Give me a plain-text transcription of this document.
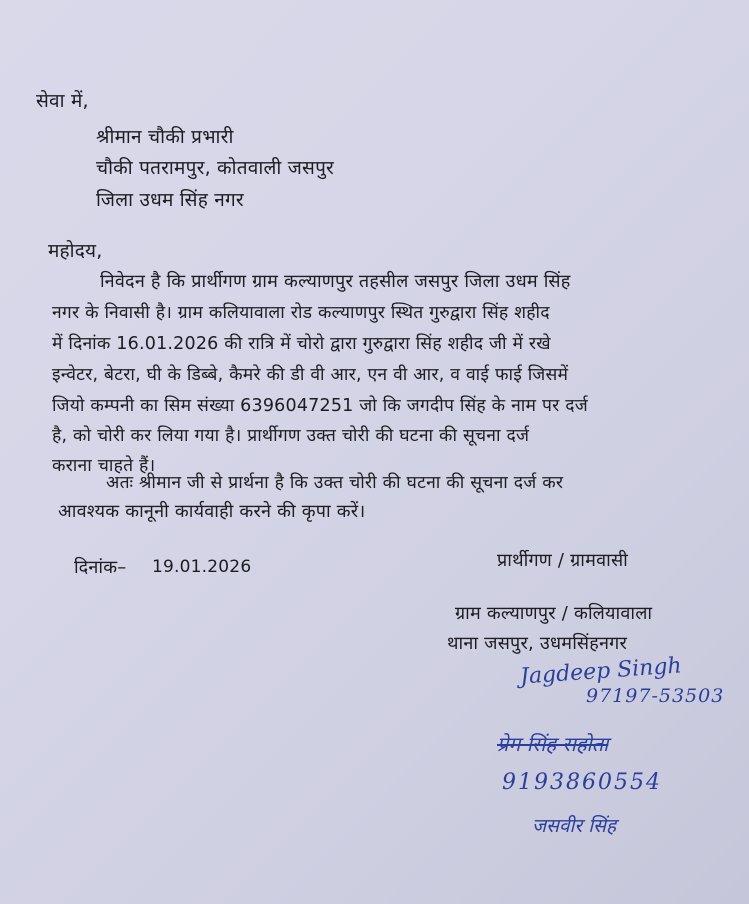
सेवा में,
श्रीमान चौकी प्रभारी
चौकी पतरामपुर, कोतवाली जसपुर
जिला उधम सिंह नगर
महोदय,
निवेदन है कि प्रार्थीगण ग्राम कल्याणपुर तहसील जसपुर जिला उधम सिंह
नगर के निवासी है। ग्राम कलियावाला रोड कल्याणपुर स्थित गुरुद्वारा सिंह शहीद
में दिनांक 16.01.2026 की रात्रि में चोरो द्वारा गुरुद्वारा सिंह शहीद जी में रखे
इन्वेटर, बेटरा, घी के डिब्बे, कैमरे की डी वी आर, एन वी आर, व वाई फाई जिसमें
जियो कम्पनी का सिम संख्या 6396047251 जो कि जगदीप सिंह के नाम पर दर्ज
है, को चोरी कर लिया गया है। प्रार्थीगण उक्त चोरी की घटना की सूचना दर्ज
कराना चाहते हैं।
अतः श्रीमान जी से प्रार्थना है कि उक्त चोरी की घटना की सूचना दर्ज कर
आवश्यक कानूनी कार्यवाही करने की कृपा करें।
दिनांक– 19.01.2026	प्रार्थीगण / ग्रामवासी
ग्राम कल्याणपुर / कलियावाला
थाना जसपुर, उधमसिंहनगर
Jagdeep Singh
97197-53503
प्रेम सिंह सहोता
9193860554
जसवीर सिंह
